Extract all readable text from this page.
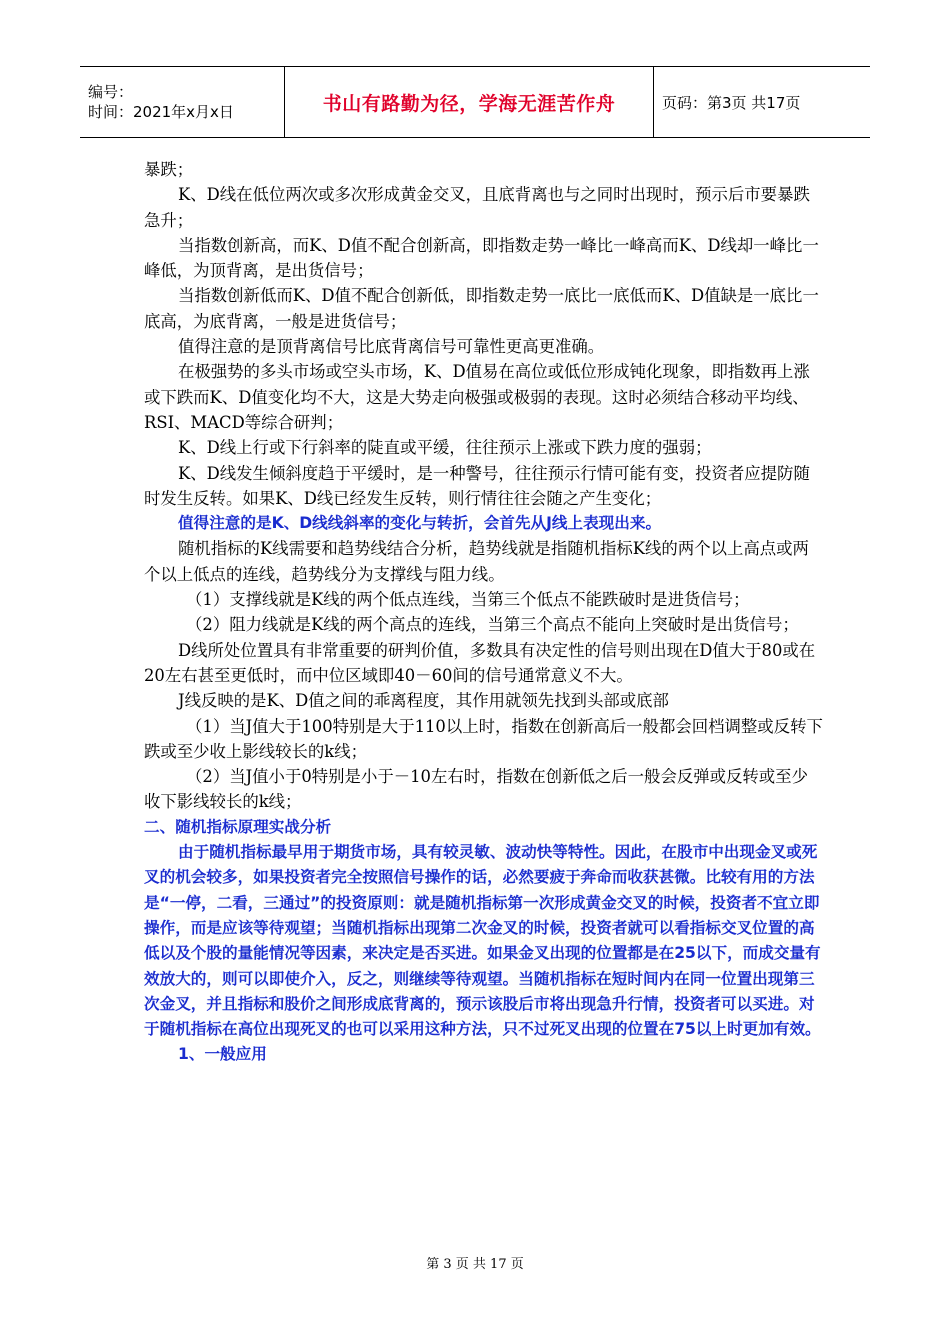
编号：
时间：2021年x月x日	书山有路勤为径，学海无涯苦作舟	页码：第3页 共17页

暴跌；

K、D线在低位两次或多次形成黄金交叉，且底背离也与之同时出现时，预示后市要暴跌急升；

当指数创新高，而K、D值不配合创新高，即指数走势一峰比一峰高而K、D线却一峰比一峰低，为顶背离，是出货信号；

当指数创新低而K、D值不配合创新低，即指数走势一底比一底低而K、D值缺是一底比一底高，为底背离，一般是进货信号；

值得注意的是顶背离信号比底背离信号可靠性更高更准确。

在极强势的多头市场或空头市场，K、D值易在高位或低位形成钝化现象，即指数再上涨或下跌而K、D值变化均不大，这是大势走向极强或极弱的表现。这时必须结合移动平均线、RSI、MACD等综合研判；

K、D线上行或下行斜率的陡直或平缓，往往预示上涨或下跌力度的强弱；

K、D线发生倾斜度趋于平缓时，是一种警号，往往预示行情可能有变，投资者应提防随时发生反转。如果K、D线已经发生反转，则行情往往会随之产生变化；

值得注意的是K、D线线斜率的变化与转折，会首先从J线上表现出来。

随机指标的K线需要和趋势线结合分析，趋势线就是指随机指标K线的两个以上高点或两个以上低点的连线，趋势线分为支撑线与阻力线。

（1）支撑线就是K线的两个低点连线，当第三个低点不能跌破时是进货信号；

（2）阻力线就是K线的两个高点的连线，当第三个高点不能向上突破时是出货信号；

D线所处位置具有非常重要的研判价值，多数具有决定性的信号则出现在D值大于80或在20左右甚至更低时，而中位区域即40－60间的信号通常意义不大。

J线反映的是K、D值之间的乖离程度，其作用就领先找到头部或底部

（1）当J值大于100特别是大于110以上时，指数在创新高后一般都会回档调整或反转下跌或至少收上影线较长的k线；

（2）当J值小于0特别是小于－10左右时，指数在创新低之后一般会反弹或反转或至少收下影线较长的k线；

二、随机指标原理实战分析

由于随机指标最早用于期货市场，具有较灵敏、波动快等特性。因此，在股市中出现金叉或死叉的机会较多，如果投资者完全按照信号操作的话，必然要疲于奔命而收获甚微。比较有用的方法是“一停，二看，三通过”的投资原则：就是随机指标第一次形成黄金交叉的时候，投资者不宜立即操作，而是应该等待观望；当随机指标出现第二次金叉的时候，投资者就可以看指标交叉位置的高低以及个股的量能情况等因素，来决定是否买进。如果金叉出现的位置都是在25以下，而成交量有效放大的，则可以即使介入，反之，则继续等待观望。当随机指标在短时间内在同一位置出现第三次金叉，并且指标和股价之间形成底背离的，预示该股后市将出现急升行情，投资者可以买进。对于随机指标在高位出现死叉的也可以采用这种方法，只不过死叉出现的位置在75以上时更加有效。

1、一般应用

第 3 页 共 17 页
